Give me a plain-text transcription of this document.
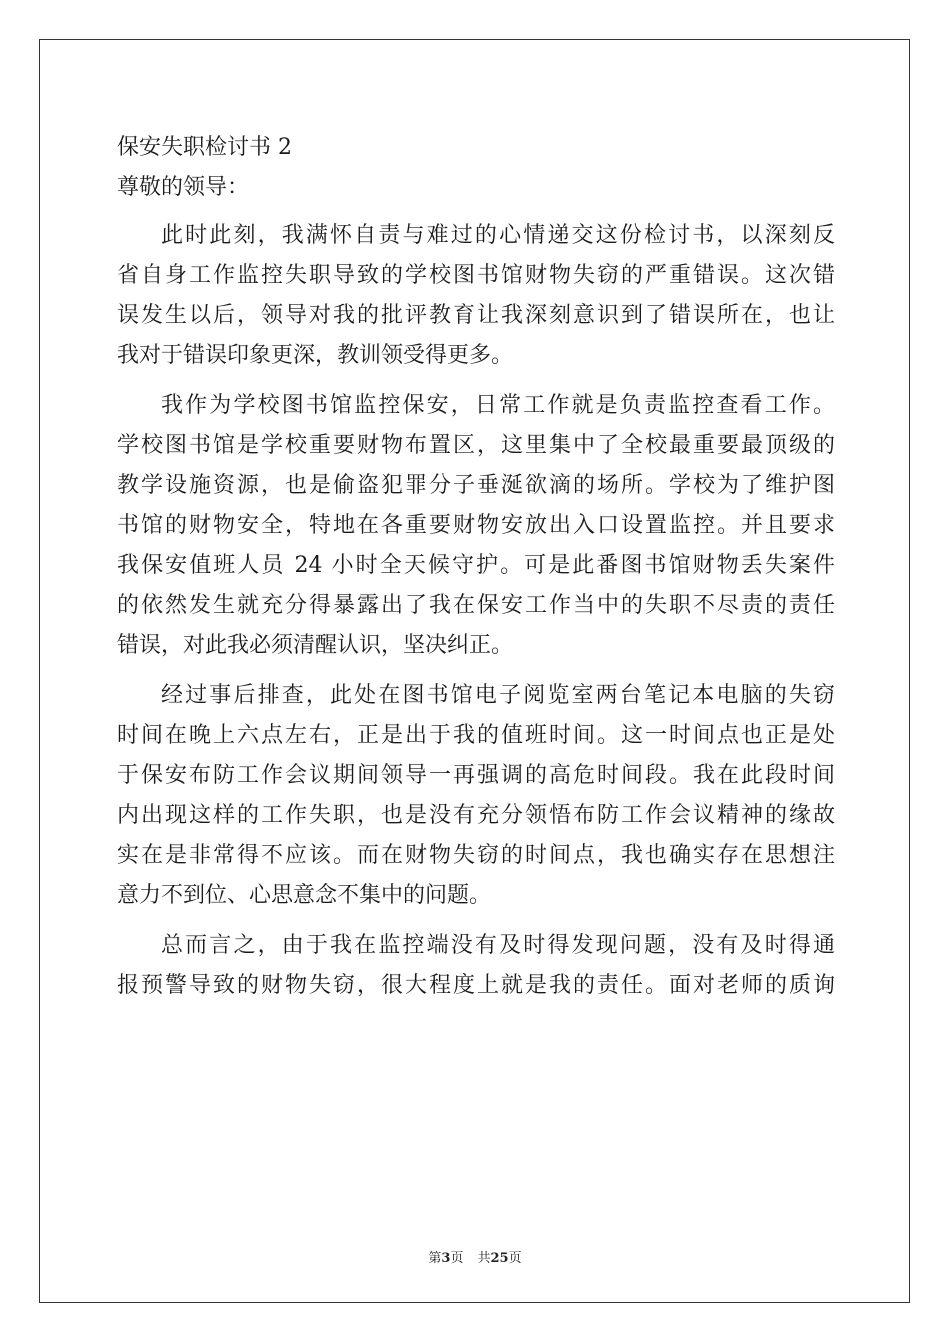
保安失职检讨书 2
尊敬的领导：
此时此刻，我满怀自责与难过的心情递交这份检讨书，以深刻反
省自身工作监控失职导致的学校图书馆财物失窃的严重错误。这次错
误发生以后，领导对我的批评教育让我深刻意识到了错误所在，也让
我对于错误印象更深，教训领受得更多。
我作为学校图书馆监控保安，日常工作就是负责监控查看工作。
学校图书馆是学校重要财物布置区，这里集中了全校最重要最顶级的
教学设施资源，也是偷盗犯罪分子垂涎欲滴的场所。学校为了维护图
书馆的财物安全，特地在各重要财物安放出入口设置监控。并且要求
我保安值班人员 24 小时全天候守护。可是此番图书馆财物丢失案件
的依然发生就充分得暴露出了我在保安工作当中的失职不尽责的责任
错误，对此我必须清醒认识，坚决纠正。
经过事后排查，此处在图书馆电子阅览室两台笔记本电脑的失窃
时间在晚上六点左右，正是出于我的值班时间。这一时间点也正是处
于保安布防工作会议期间领导一再强调的高危时间段。我在此段时间
内出现这样的工作失职，也是没有充分领悟布防工作会议精神的缘故
实在是非常得不应该。而在财物失窃的时间点，我也确实存在思想注
意力不到位、心思意念不集中的问题。
总而言之，由于我在监控端没有及时得发现问题，没有及时得通
报预警导致的财物失窃，很大程度上就是我的责任。面对老师的质询
第3页 共25页
